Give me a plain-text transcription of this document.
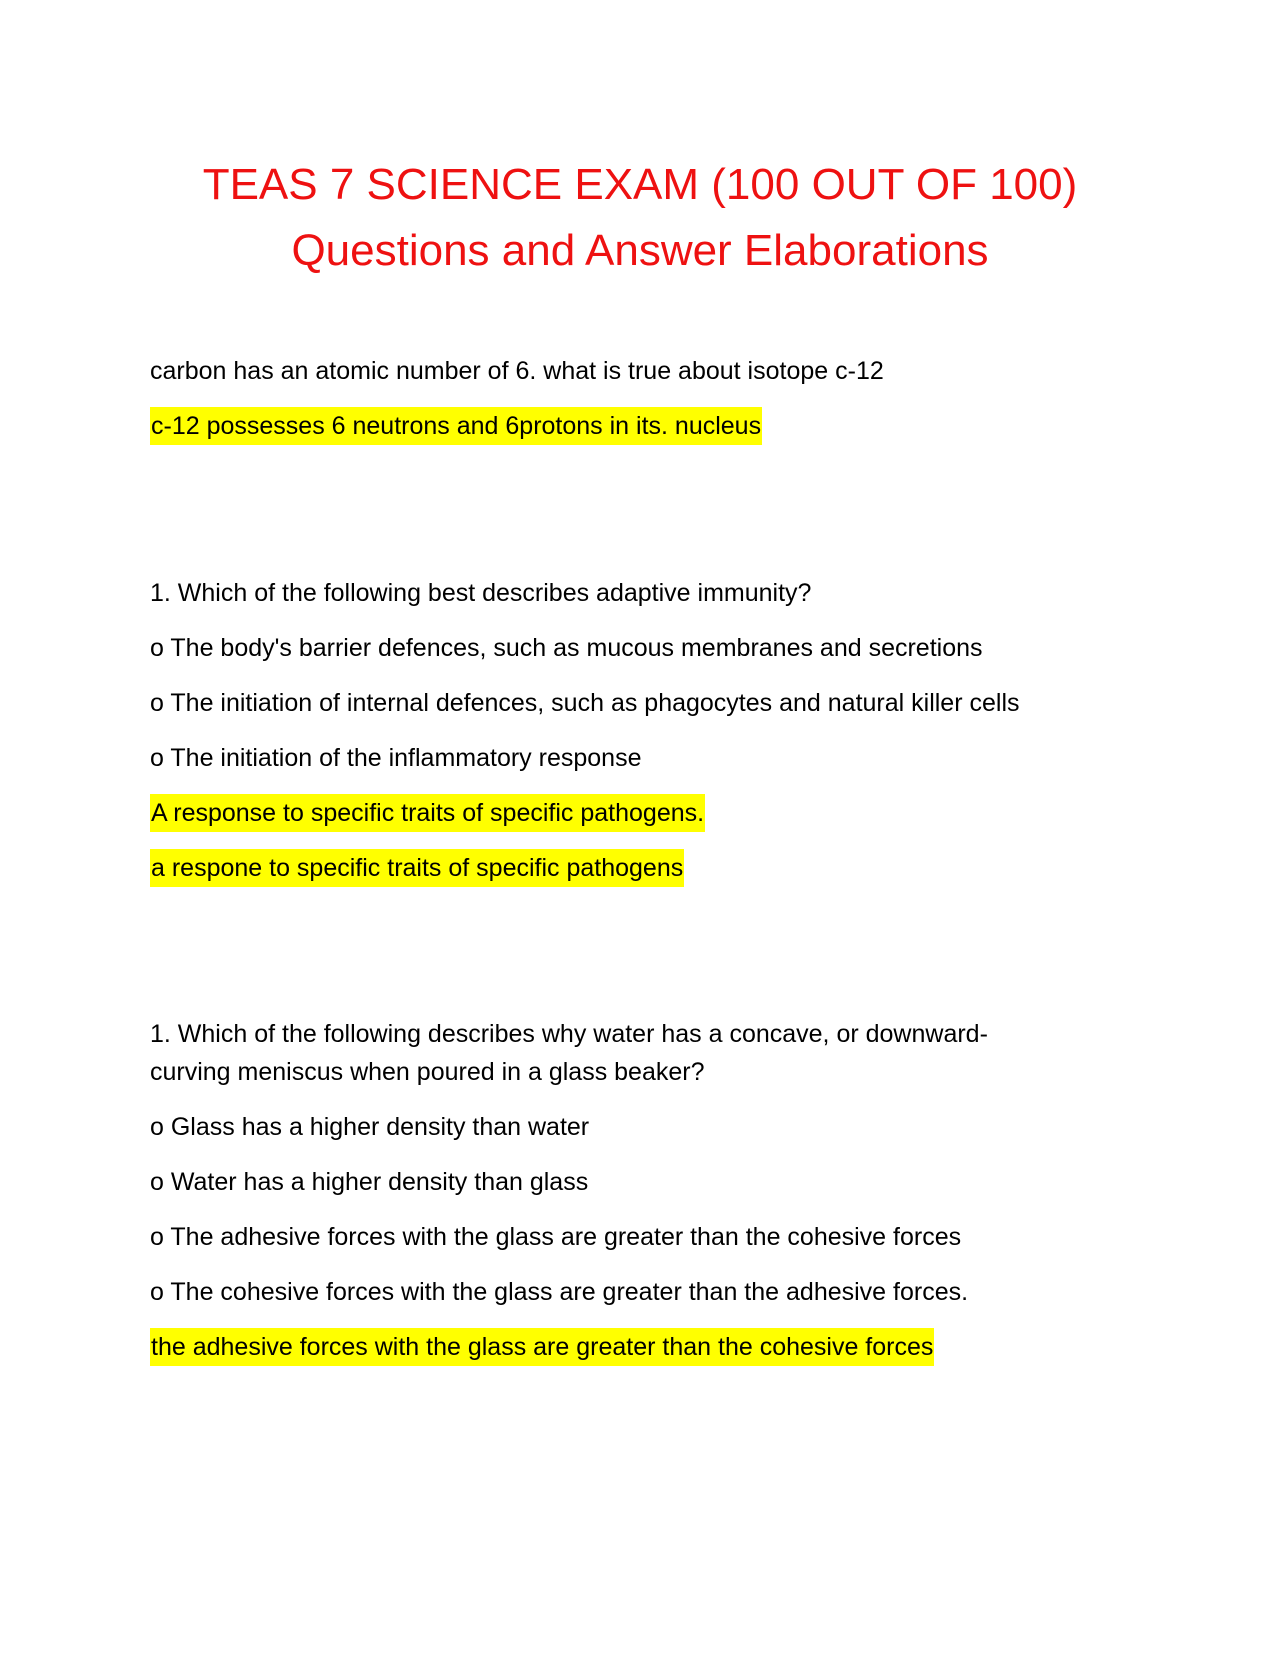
TEAS 7 SCIENCE EXAM (100 OUT OF 100)
Questions and Answer Elaborations
carbon has an atomic number of 6. what is true about isotope c-12
c-12 possesses 6 neutrons and 6protons in its. nucleus
1. Which of the following best describes adaptive immunity?
o The body's barrier defences, such as mucous membranes and secretions
o The initiation of internal defences, such as phagocytes and natural killer cells
o The initiation of the inflammatory response
A response to specific traits of specific pathogens.
a respone to specific traits of specific pathogens
1. Which of the following describes why water has a concave, or downward-
curving meniscus when poured in a glass beaker?
o Glass has a higher density than water
o Water has a higher density than glass
o The adhesive forces with the glass are greater than the cohesive forces
o The cohesive forces with the glass are greater than the adhesive forces.
the adhesive forces with the glass are greater than the cohesive forces
